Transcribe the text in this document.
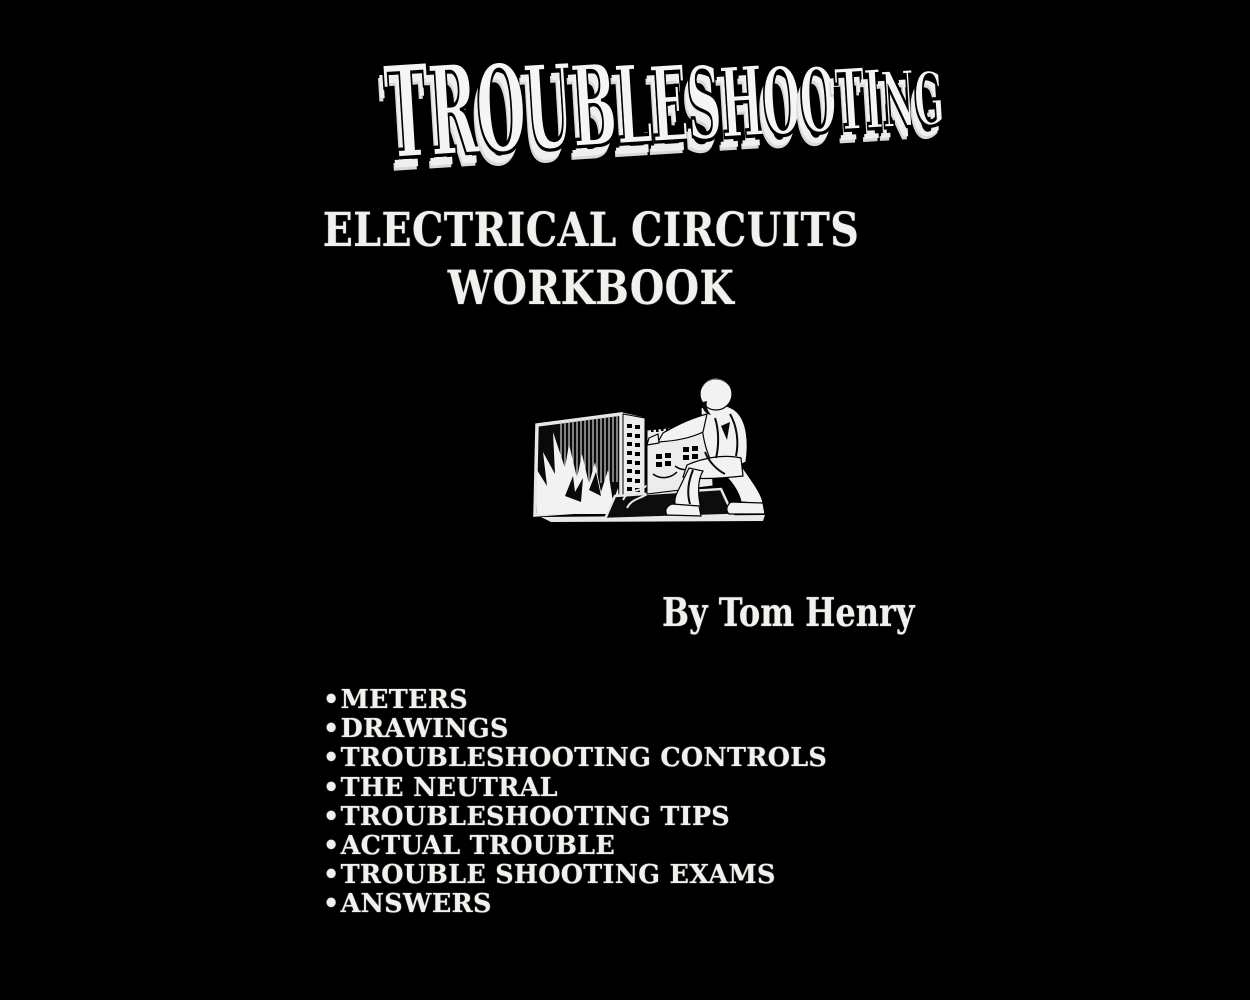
T
R
O
U
B
L
E
S
H
O
O
T
I
N
G
ELECTRICAL CIRCUITS
WORKBOOK
By Tom Henry
•METERS
•DRAWINGS
•TROUBLESHOOTING CONTROLS
•THE NEUTRAL
•TROUBLESHOOTING TIPS
•ACTUAL TROUBLE
•TROUBLE SHOOTING EXAMS
•ANSWERS
